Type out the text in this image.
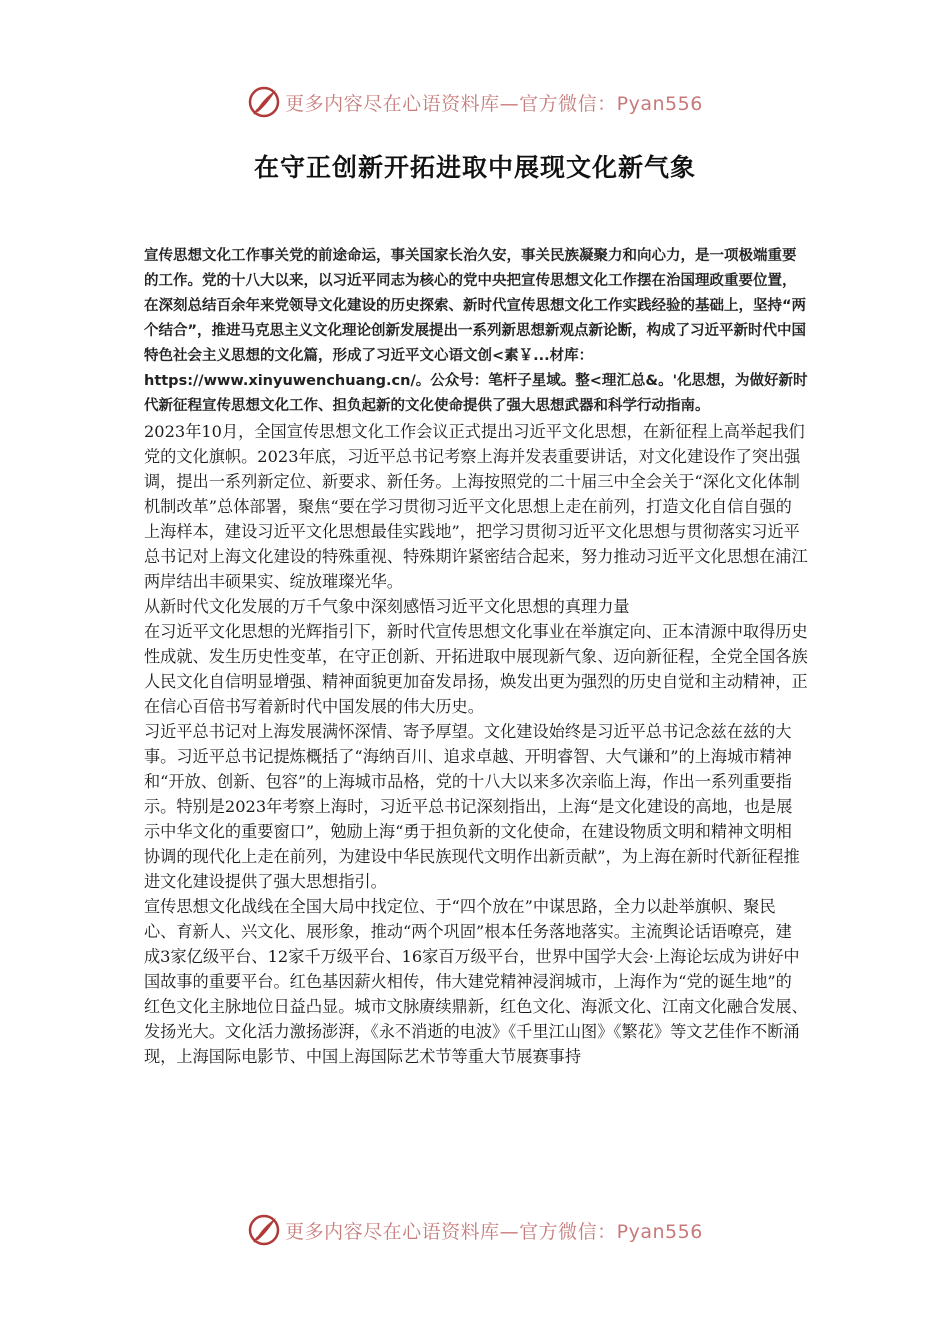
更多内容尽在心语资料库—官方微信：Pyan556
在守正创新开拓进取中展现文化新气象

宣传思想文化工作事关党的前途命运，事关国家长治久安，事关民族凝聚力和向心力，是一项极端重要的工作。党的十八大以来，以习近平同志为核心的党中央把宣传思想文化工作摆在治国理政重要位置，在深刻总结百余年来党领导文化建设的历史探索、新时代宣传思想文化工作实践经验的基础上，坚持“两个结合”，推进马克思主义文化理论创新发展提出一系列新思想新观点新论断，构成了习近平新时代中国特色社会主义思想的文化篇，形成了习近平文心语文创<素￥...材库：https://www.xinyuwenchuang.cn/。公众号：笔杆子星域。整<理汇总&。'化思想，为做好新时代新征程宣传思想文化工作、担负起新的文化使命提供了强大思想武器和科学行动指南。

2023年10月，全国宣传思想文化工作会议正式提出习近平文化思想，在新征程上高举起我们党的文化旗帜。2023年底，习近平总书记考察上海并发表重要讲话，对文化建设作了突出强调，提出一系列新定位、新要求、新任务。上海按照党的二十届三中全会关于“深化文化体制机制改革”总体部署，聚焦“要在学习贯彻习近平文化思想上走在前列，打造文化自信自强的上海样本，建设习近平文化思想最佳实践地”，把学习贯彻习近平文化思想与贯彻落实习近平总书记对上海文化建设的特殊重视、特殊期许紧密结合起来，努力推动习近平文化思想在浦江两岸结出丰硕果实、绽放璀璨光华。

从新时代文化发展的万千气象中深刻感悟习近平文化思想的真理力量

在习近平文化思想的光辉指引下，新时代宣传思想文化事业在举旗定向、正本清源中取得历史性成就、发生历史性变革，在守正创新、开拓进取中展现新气象、迈向新征程，全党全国各族人民文化自信明显增强、精神面貌更加奋发昂扬，焕发出更为强烈的历史自觉和主动精神，正在信心百倍书写着新时代中国发展的伟大历史。

习近平总书记对上海发展满怀深情、寄予厚望。文化建设始终是习近平总书记念兹在兹的大事。习近平总书记提炼概括了“海纳百川、追求卓越、开明睿智、大气谦和”的上海城市精神和“开放、创新、包容”的上海城市品格，党的十八大以来多次亲临上海，作出一系列重要指示。特别是2023年考察上海时，习近平总书记深刻指出，上海“是文化建设的高地，也是展示中华文化的重要窗口”，勉励上海“勇于担负新的文化使命，在建设物质文明和精神文明相协调的现代化上走在前列，为建设中华民族现代文明作出新贡献”，为上海在新时代新征程推进文化建设提供了强大思想指引。

宣传思想文化战线在全国大局中找定位、于“四个放在”中谋思路，全力以赴举旗帜、聚民心、育新人、兴文化、展形象，推动“两个巩固”根本任务落地落实。主流舆论话语嘹亮，建成3家亿级平台、12家千万级平台、16家百万级平台，世界中国学大会·上海论坛成为讲好中国故事的重要平台。红色基因薪火相传，伟大建党精神浸润城市，上海作为“党的诞生地”的红色文化主脉地位日益凸显。城市文脉赓续鼎新，红色文化、海派文化、江南文化融合发展、发扬光大。文化活力激扬澎湃，《永不消逝的电波》《千里江山图》《繁花》等文艺佳作不断涌现，上海国际电影节、中国上海国际艺术节等重大节展赛事持

更多内容尽在心语资料库—官方微信：Pyan556
